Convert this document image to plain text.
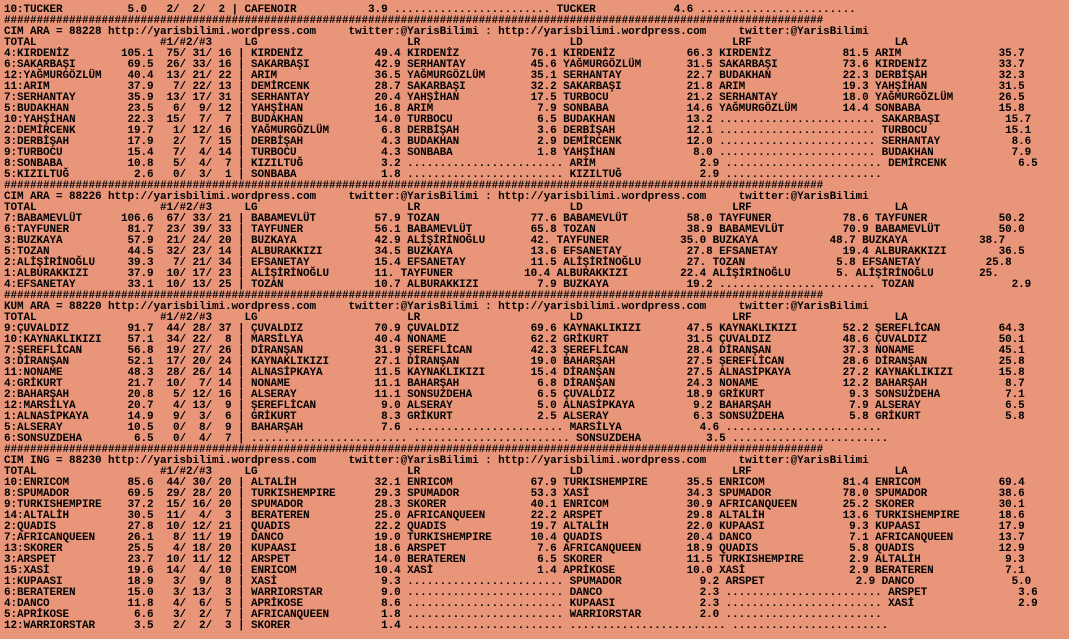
10:TUCKER          5.0   2/  2/  2 | CAFENOIR           3.9 ........................ TUCKER            4.6 ........................
##############################################################################################################################
CIM ARA = 88228 http://yarisbilimi.wordpress.com     twitter:@YarisBilimi : http://yarisbilimi.wordpress.com     twitter:@YarisBilimi
TOTAL                   #1/#2/#3     LG                       LR                       LD                       LRF                      LA
4:KIRDENİZ        105.1  75/ 31/ 16 | KIRDENİZ           49.4 KIRDENİZ           76.1 KIRDENİZ           66.3 KIRDENİZ           81.5 ARIM               35.7
6:SAKARBAŞI        69.5  26/ 33/ 16 | SAKARBAŞI          42.9 SERHANTAY          45.6 YAĞMURGÖZLÜM       31.5 SAKARBAŞI          73.6 KIRDENİZ           33.7
12:YAĞMURGÖZLÜM    40.4  13/ 21/ 22 | ARIM               36.5 YAĞMURGÖZLÜM       35.1 SERHANTAY          22.7 BUDAKHAN           22.3 DERBİŞAH           32.3
11:ARIM            37.9   7/ 22/ 13 | DEMİRCENK          28.7 SAKARBAŞI          32.2 SAKARBAŞI          21.8 ARIM               19.3 YAHŞİHAN           31.5
7:SERHANTAY        35.9  13/ 17/ 31 | SERHANTAY          20.4 YAHŞİHAN           17.5 TURBOCU            21.2 SERHANTAY          18.0 YAĞMURGÖZLÜM       26.5
5:BUDAKHAN         23.5   6/  9/ 12 | YAHŞİHAN           16.8 ARIM                7.9 SONBABA            14.6 YAĞMURGÖZLÜM       14.4 SONBABA            15.8
10:YAHŞİHAN        22.3  15/  7/  7 | BUDAKHAN           14.0 TURBOCU             6.5 BUDAKHAN           13.2 ........................ SAKARBAŞI          15.7
2:DEMİRCENK        19.7   1/ 12/ 16 | YAĞMURGÖZLÜM        6.8 DERBİŞAH            3.6 DERBİŞAH           12.1 ........................ TURBOCU            15.1
3:DERBİŞAH         17.9   2/  7/ 15 | DERBİŞAH            4.3 BUDAKHAN            2.9 DEMİRCENK          12.0 ........................ SERHANTAY           8.6
9:TURBOCU          15.4   7/  4/ 14 | TURBOCU             4.3 SONBABA             1.8 YAHŞİHAN            8.0 ........................ BUDAKHAN            7.9
8:SONBABA          10.8   5/  4/  7 | KIZILTUĞ            3.2 ........................ ARIM                2.9 ........................ DEMİRCENK           6.5
5:KIZILTUĞ          2.6   0/  3/  1 | SONBABA             1.8 ........................ KIZILTUĞ            2.9 ........................
##############################################################################################################################
CIM ARA = 88226 http://yarisbilimi.wordpress.com     twitter:@YarisBilimi : http://yarisbilimi.wordpress.com     twitter:@YarisBilimi
TOTAL                   #1/#2/#3     LG                       LR                       LD                       LRF                      LA
7:BABAMEVLÜT      106.6  67/ 33/ 21 | BABAMEVLÜT         57.9 TOZAN              77.6 BABAMEVLÜT         58.0 TAYFUNER           78.6 TAYFUNER           50.2
6:TAYFUNER         81.7  23/ 39/ 33 | TAYFUNER           56.1 BABAMEVLÜT         65.8 TOZAN              38.9 BABAMEVLÜT         70.9 BABAMEVLÜT         50.0
3:BUZKAYA          57.9  21/ 24/ 20 | BUZKAYA            42.9 ALİŞİRİNOĞLU       42. TAYFUNER           35.0 BUZKAYA           48.7 BUZKAYA           38.7
5:TOZAN            44.5  32/ 23/ 14 | ALBURAKKIZI        34.5 BUZKAYA            13.6 EFSANETAY          27.8 EFSANETAY          19.4 ALBURAKKIZI        36.5
2:ALİŞİRİNOĞLU     39.3   7/ 21/ 34 | EFSANETAY          15.4 EFSANETAY          11.5 ALİŞİRİNOĞLU       27. TOZAN              5.8 EFSANETAY          25.8
1:ALBURAKKIZI      37.9  10/ 17/ 23 | ALİŞİRİNOĞLU       11. TAYFUNER           10.4 ALBURAKKIZI        22.4 ALİŞİRİNOĞLU       5. ALİŞİRİNOĞLU       25.
4:EFSANETAY        33.1  10/ 13/ 25 | TOZAN              10.7 ALBURAKKIZI         7.9 BUZKAYA            19.2 ........................ TOZAN               2.9
##############################################################################################################################
KUM ARA = 88220 http://yarisbilimi.wordpress.com     twitter:@YarisBilimi : http://yarisbilimi.wordpress.com     twitter:@YarisBilimi
TOTAL                   #1/#2/#3     LG                       LR                       LD                       LRF                      LA
9:ÇUVALDIZ         91.7  44/ 28/ 37 | ÇUVALDIZ           70.9 ÇUVALDIZ           69.6 KAYNAKLIKIZI       47.5 KAYNAKLIKIZI       52.2 ŞEREFLİCAN         64.3
10:KAYNAKLIKIZI    57.1  34/ 22/  8 | MARSİLYA           40.4 NONAME             62.2 GRİKURT            31.5 ÇUVALDIZ           48.6 ÇUVALDIZ           50.1
7:ŞEREFLİCAN       56.8  19/ 27/ 26 | DİRANŞAN           31.9 ŞEREFLİCAN         42.3 ŞEREFLİCAN         28.4 DİRANŞAN           37.3 NONAME             45.1
3:DİRANŞAN         52.1  17/ 20/ 24 | KAYNAKLIKIZI       27.1 DİRANŞAN           19.0 BAHARŞAH           27.5 ŞEREFLİCAN         28.6 DİRANŞAN           25.8
11:NONAME          48.3  28/ 26/ 14 | ALNASİPKAYA        11.5 KAYNAKLIKIZI       15.4 DİRANŞAN           27.5 ALNASİPKAYA        27.2 KAYNAKLIKIZI       15.8
4:GRİKURT          21.7  10/  7/ 14 | NONAME             11.1 BAHARŞAH            6.8 DİRANŞAN           24.3 NONAME             12.2 BAHARŞAH            8.7
2:BAHARŞAH         20.8   5/ 12/ 16 | ALSERAY            11.1 SONSUZDEHA          6.5 ÇUVALDIZ           18.9 GRİKURT             9.3 SONSUZDEHA          7.1
12:MARSİLYA        20.7   4/ 13/  9 | ŞEREFLİCAN          9.0 ALSERAY             5.0 ALNASİPKAYA         9.2 BAHARŞAH            7.9 ALSERAY             6.5
1:ALNASİPKAYA      14.9   9/  3/  6 | GRİKURT             8.3 GRİKURT             2.5 ALSERAY             6.3 SONSUZDEHA          5.8 GRİKURT             5.8
5:ALSERAY          10.5   0/  8/  9 | BAHARŞAH            7.6 ........................ MARSİLYA            4.6 ........................
6:SONSUZDEHA        6.5   0/  4/  7 | ........................ ........................ SONSUZDEHA          3.5 ........................
##############################################################################################################################
CIM ING = 88230 http://yarisbilimi.wordpress.com     twitter:@YarisBilimi : http://yarisbilimi.wordpress.com     twitter:@YarisBilimi
TOTAL                   #1/#2/#3     LG                       LR                       LD                       LRF                      LA
10:ENRICOM         85.6  44/ 30/ 20 | ALTALİH            32.1 ENRICOM            67.9 TURKISHEMPIRE      35.5 ENRICOM            81.4 ENRICOM            69.4
8:SPUMADOR         69.5  29/ 28/ 20 | TURKISHEMPIRE      29.3 SPUMADOR           53.3 XASİ               34.3 SPUMADOR           78.0 SPUMADOR           38.6
9:TURKISHEMPIRE    37.2  15/ 16/ 20 | SPUMADOR           28.3 SKORER             40.1 ENRICOM            30.9 AFRICANQUEEN       25.2 SKORER             30.1
14:ALTALİH         30.5  11/  4/  3 | BERATEREN          25.0 AFRICANQUEEN       22.2 ARSPET             29.8 ALTALİH            13.6 TURKISHEMPIRE      18.6
2:QUADIS           27.8  10/ 12/ 21 | QUADIS             22.2 QUADIS             19.7 ALTALİH            22.0 KUPAASI             9.3 KUPAASI            17.9
7:AFRICANQUEEN     26.1   8/ 11/ 19 | DANCO              19.0 TURKISHEMPIRE      10.4 QUADIS             20.4 DANCO               7.1 AFRICANQUEEN       13.7
13:SKORER          25.5   4/ 18/ 20 | KUPAASI            18.6 ARSPET              7.6 AFRICANQUEEN       18.9 QUADIS              5.8 QUADIS             12.9
3:ARSPET           23.7  10/ 11/ 12 | ARSPET             14.0 BERATEREN           6.5 SKORER             11.5 TURKISHEMPIRE       2.9 ALTALİH             9.3
15:XASİ            19.6  14/  4/ 10 | ENRICOM            10.4 XASİ                1.4 APRİKOSE           10.0 XASİ                2.9 BERATEREN           7.1
1:KUPAASI          18.9   3/  9/  8 | XASİ                9.3 ........................ SPUMADOR            9.2 ARSPET              2.9 DANCO               5.0
6:BERATEREN        15.0   3/ 13/  3 | WARRIORSTAR         9.0 ........................ DANCO               2.3 ........................ ARSPET              3.6
4:DANCO            11.8   4/  6/  5 | APRİKOSE            8.6 ........................ KUPAASI             2.3 ........................ XASİ                2.9
5:APRİKOSE          6.6   3/  2/  7 | AFRICANQUEEN        1.8 ........................ WARRIORSTAR         2.0 ........................
12:WARRIORSTAR      3.5   2/  2/  3 | SKORER              1.4 ........................ ........................ ........................
